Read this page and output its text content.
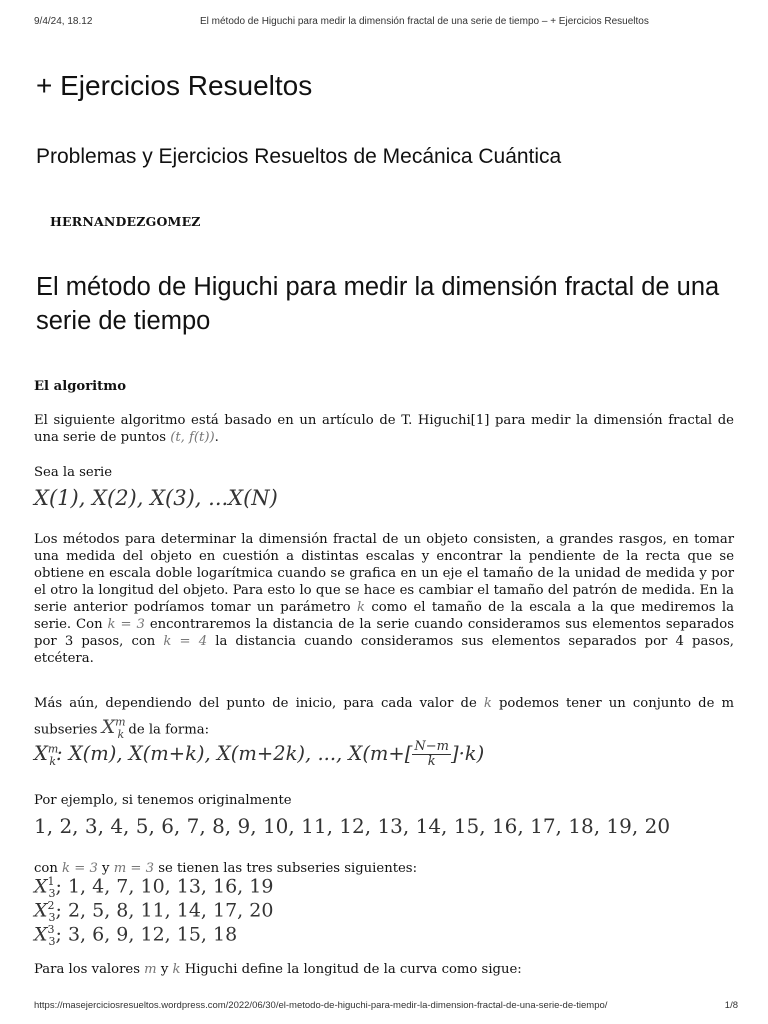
9/4/24, 18.12	El método de Higuchi para medir la dimensión fractal de una serie de tiempo – + Ejercicios Resueltos
+ Ejercicios Resueltos
Problemas y Ejercicios Resueltos de Mecánica Cuántica
HERNANDEZGOMEZ
El método de Higuchi para medir la dimensión fractal de una serie de tiempo
El algoritmo

El siguiente algoritmo está basado en un artículo de T. Higuchi[1] para medir la dimensión fractal de una serie de puntos (t, f(t)).

Sea la serie

X(1), X(2), X(3), ...X(N)

Los métodos para determinar la dimensión fractal de un objeto consisten, a grandes rasgos, en tomar una medida del objeto en cuestión a distintas escalas y encontrar la pendiente de la recta que se obtiene en escala doble logarítmica cuando se grafica en un eje el tamaño de la unidad de medida y por el otro la longitud del objeto. Para esto lo que se hace es cambiar el tamaño del patrón de medida. En la serie anterior podríamos tomar un parámetro k como el tamaño de la escala a la que mediremos la serie. Con k = 3 encontraremos la distancia de la serie cuando consideramos sus elementos separados por 3 pasos, con k = 4 la distancia cuando consideramos sus elementos separados por 4 pasos, etcétera.

Más aún, dependiendo del punto de inicio, para cada valor de k podemos tener un conjunto de m subseries $X^m_k$ de la forma:

$X^m_k$: X(m), X(m+k), X(m+2k), ..., $X(m+[ \frac{N-m}{k} ]\cdot k)$

Por ejemplo, si tenemos originalmente

1, 2, 3, 4, 5, 6, 7, 8, 9, 10, 11, 12, 13, 14, 15, 16, 17, 18, 19, 20

con k = 3 y m = 3 se tienen las tres subseries siguientes:

$X^1_3$; 1, 4, 7, 10, 13, 16, 19
$X^2_3$; 2, 5, 8, 11, 14, 17, 20
$X^3_3$; 3, 6, 9, 12, 15, 18

Para los valores m y k Higuchi define la longitud de la curva como sigue:

https://masejerciciosresueltos.wordpress.com/2022/06/30/el-metodo-de-higuchi-para-medir-la-dimension-fractal-de-una-serie-de-tiempo/	1/8
